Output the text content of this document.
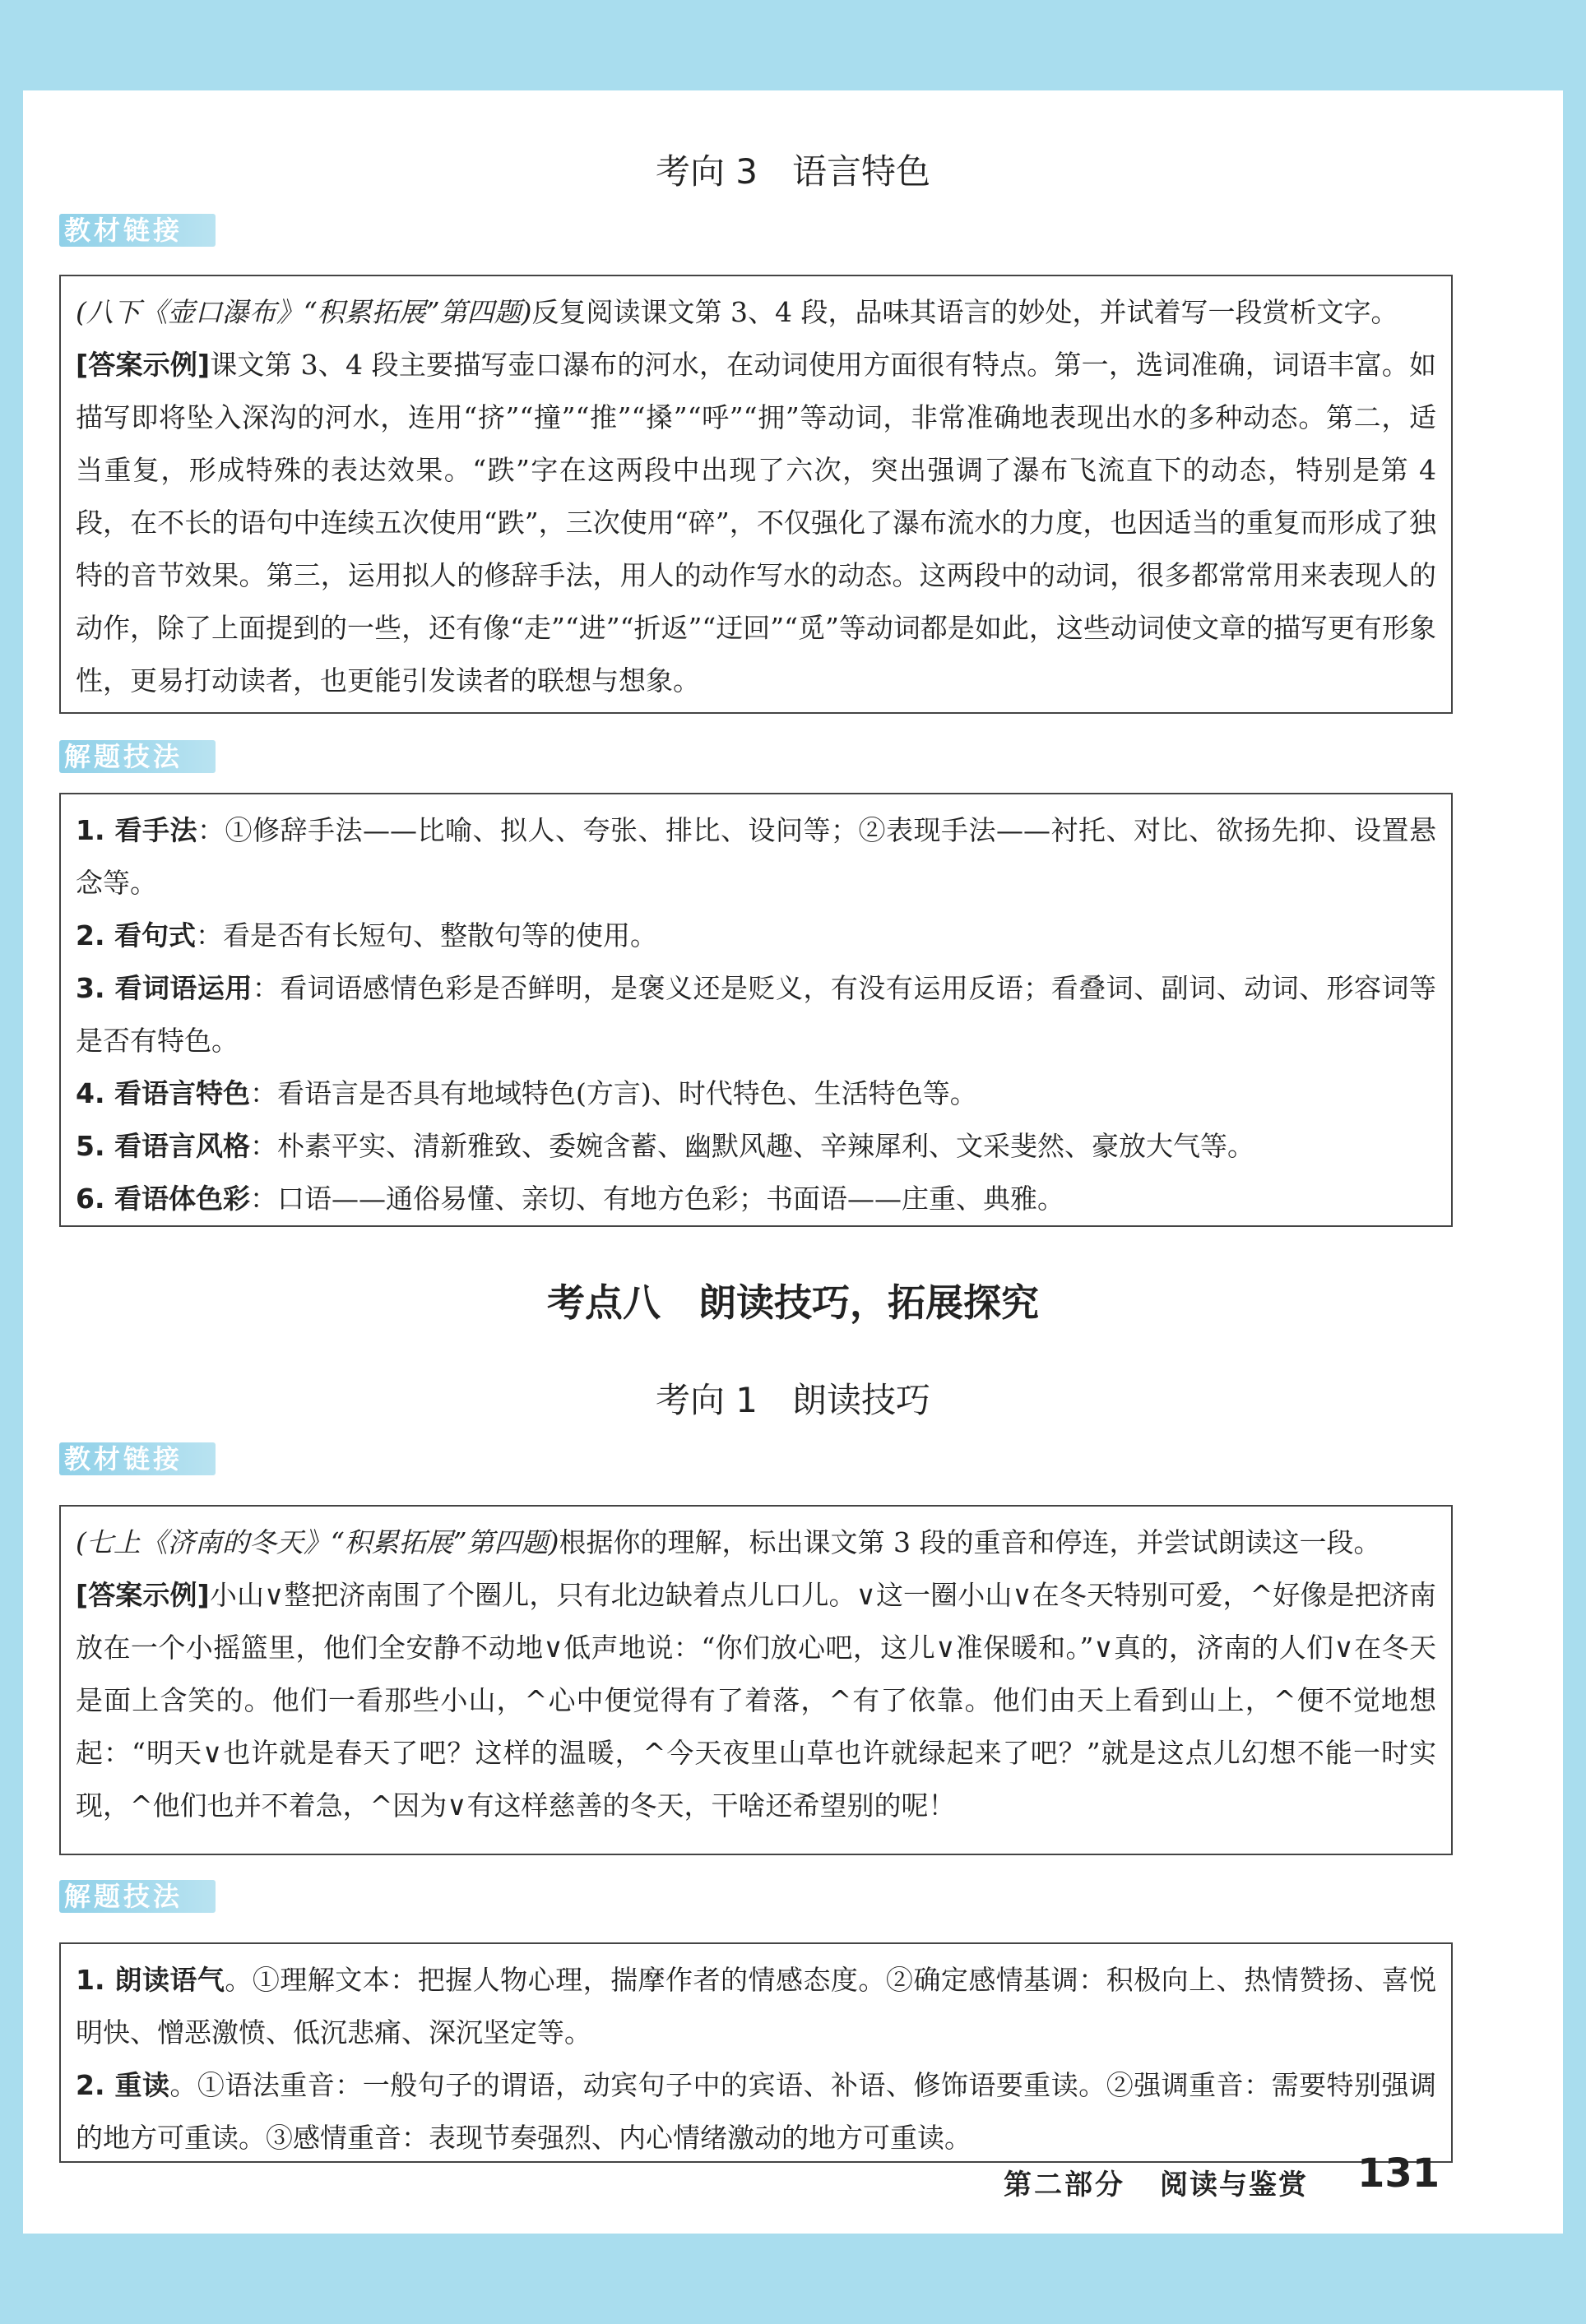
考向 3　语言特色
教材链接

(八下《壶口瀑布》“积累拓展”第四题)反复阅读课文第 3、4 段，品味其语言的妙处，并试着写一段赏析文字。

[答案示例]课文第 3、4 段主要描写壶口瀑布的河水，在动词使用方面很有特点。第一，选词准确，词语丰富。如描写即将坠入深沟的河水，连用“挤”“撞”“推”“搡”“呼”“拥”等动词，非常准确地表现出水的多种动态。第二，适当重复，形成特殊的表达效果。“跌”字在这两段中出现了六次，突出强调了瀑布飞流直下的动态，特别是第 4 段，在不长的语句中连续五次使用“跌”，三次使用“碎”，不仅强化了瀑布流水的力度，也因适当的重复而形成了独特的音节效果。第三，运用拟人的修辞手法，用人的动作写水的动态。这两段中的动词，很多都常常用来表现人的动作，除了上面提到的一些，还有像“走”“进”“折返”“迂回”“觅”等动词都是如此，这些动词使文章的描写更有形象性，更易打动读者，也更能引发读者的联想与想象。

解题技法

1. 看手法：①修辞手法——比喻、拟人、夸张、排比、设问等；②表现手法——衬托、对比、欲扬先抑、设置悬念等。

2. 看句式：看是否有长短句、整散句等的使用。

3. 看词语运用：看词语感情色彩是否鲜明，是褒义还是贬义，有没有运用反语；看叠词、副词、动词、形容词等是否有特色。

4. 看语言特色：看语言是否具有地域特色(方言)、时代特色、生活特色等。

5. 看语言风格：朴素平实、清新雅致、委婉含蓄、幽默风趣、辛辣犀利、文采斐然、豪放大气等。

6. 看语体色彩：口语——通俗易懂、亲切、有地方色彩；书面语——庄重、典雅。

考点八　朗读技巧，拓展探究
考向 1　朗读技巧
教材链接

(七上《济南的冬天》“积累拓展”第四题)根据你的理解，标出课文第 3 段的重音和停连，并尝试朗读这一段。

[答案示例]小山∨整把济南围了个圈儿，只有北边缺着点儿口儿。∨这一圈小山∨在冬天特别可爱，^好像是把济南放在一个小摇篮里，他们全安静不动地∨低声地说：“你们放心吧，这儿∨准保暖和。”∨真的，济南的人们∨在冬天是面上含笑的。他们一看那些小山，^心中便觉得有了着落，^有了依靠。他们由天上看到山上，^便不觉地想起：“明天∨也许就是春天了吧？这样的温暖，^今天夜里山草也许就绿起来了吧？”就是这点儿幻想不能一时实现，^他们也并不着急，^因为∨有这样慈善的冬天，干啥还希望别的呢！

解题技法

1. 朗读语气。①理解文本：把握人物心理，揣摩作者的情感态度。②确定感情基调：积极向上、热情赞扬、喜悦明快、憎恶激愤、低沉悲痛、深沉坚定等。

2. 重读。①语法重音：一般句子的谓语，动宾句子中的宾语、补语、修饰语要重读。②强调重音：需要特别强调的地方可重读。③感情重音：表现节奏强烈、内心情绪激动的地方可重读。

第二部分 阅读与鉴赏 131
